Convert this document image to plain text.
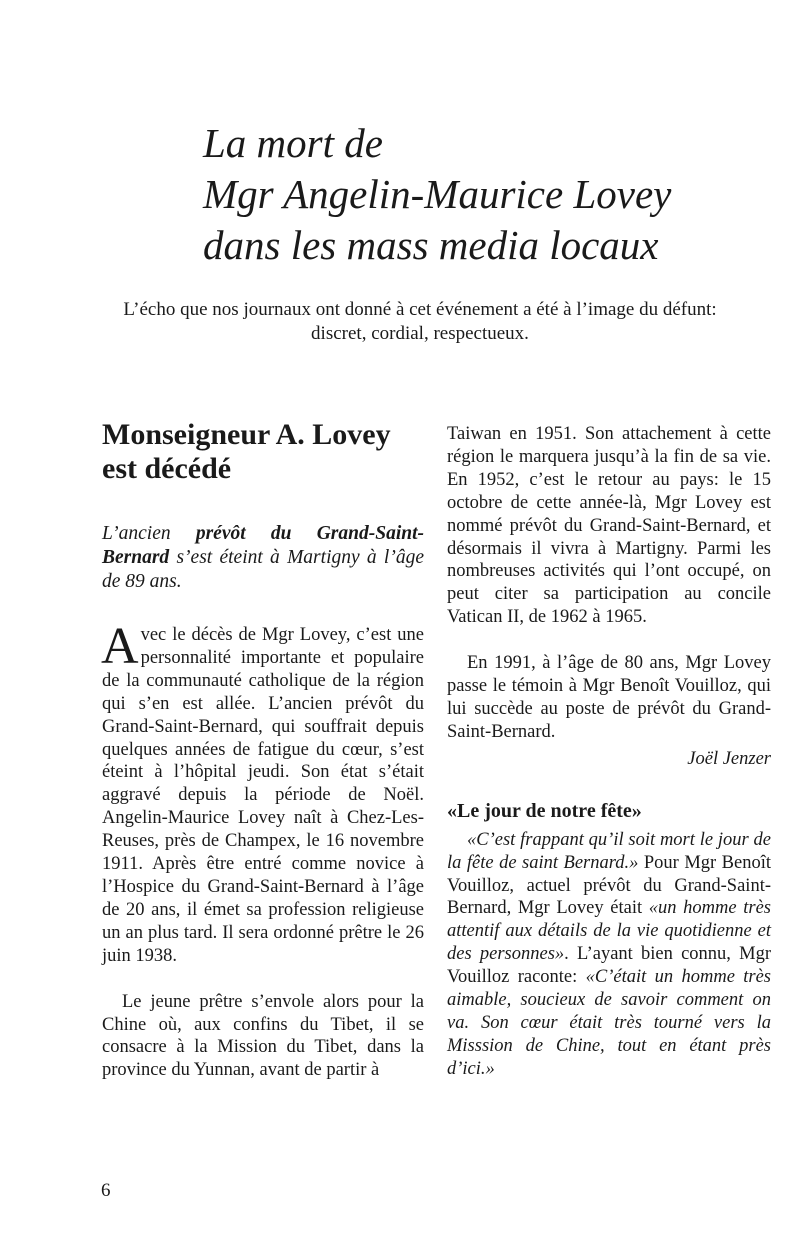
La mort de
Mgr Angelin-Maurice Lovey
dans les mass media locaux

L’écho que nos journaux ont donné à cet événement a été à l’image du défunt:
discret, cordial, respectueux.

Monseigneur A. Lovey est décédé

L’ancien prévôt du Grand-Saint-Bernard s’est éteint à Martigny à l’âge de 89 ans.

Avec le décès de Mgr Lovey, c’est une personnalité importante et populaire de la communauté catholique de la région qui s’en est allée. L’ancien prévôt du Grand-Saint-Bernard, qui souffrait depuis quelques années de fatigue du cœur, s’est éteint à l’hôpital jeudi. Son état s’était aggravé depuis la période de Noël. Angelin-Maurice Lovey naît à Chez-Les-Reuses, près de Champex, le 16 novembre 1911. Après être entré comme novice à l’Hospice du Grand-Saint-Bernard à l’âge de 20 ans, il émet sa profession religieuse un an plus tard. Il sera ordonné prêtre le 26 juin 1938.

Le jeune prêtre s’envole alors pour la Chine où, aux confins du Tibet, il se consacre à la Mission du Tibet, dans la province du Yunnan, avant de partir à

Taiwan en 1951. Son attachement à cette région le marquera jusqu’à la fin de sa vie. En 1952, c’est le retour au pays: le 15 octobre de cette année-là, Mgr Lovey est nommé prévôt du Grand-Saint-Bernard, et désormais il vivra à Martigny. Parmi les nombreuses activités qui l’ont occupé, on peut citer sa participation au concile Vatican II, de 1962 à 1965.

En 1991, à l’âge de 80 ans, Mgr Lovey passe le témoin à Mgr Benoît Vouilloz, qui lui succède au poste de prévôt du Grand-Saint-Bernard.

Joël Jenzer
«Le jour de notre fête»

«C’est frappant qu’il soit mort le jour de la fête de saint Bernard.» Pour Mgr Benoît Vouilloz, actuel prévôt du Grand-Saint-Bernard, Mgr Lovey était «un homme très attentif aux détails de la vie quotidienne et des personnes». L’ayant bien connu, Mgr Vouilloz raconte: «C’était un homme très aimable, soucieux de savoir comment on va. Son cœur était très tourné vers la Misssion de Chine, tout en étant près d’ici.»

6
